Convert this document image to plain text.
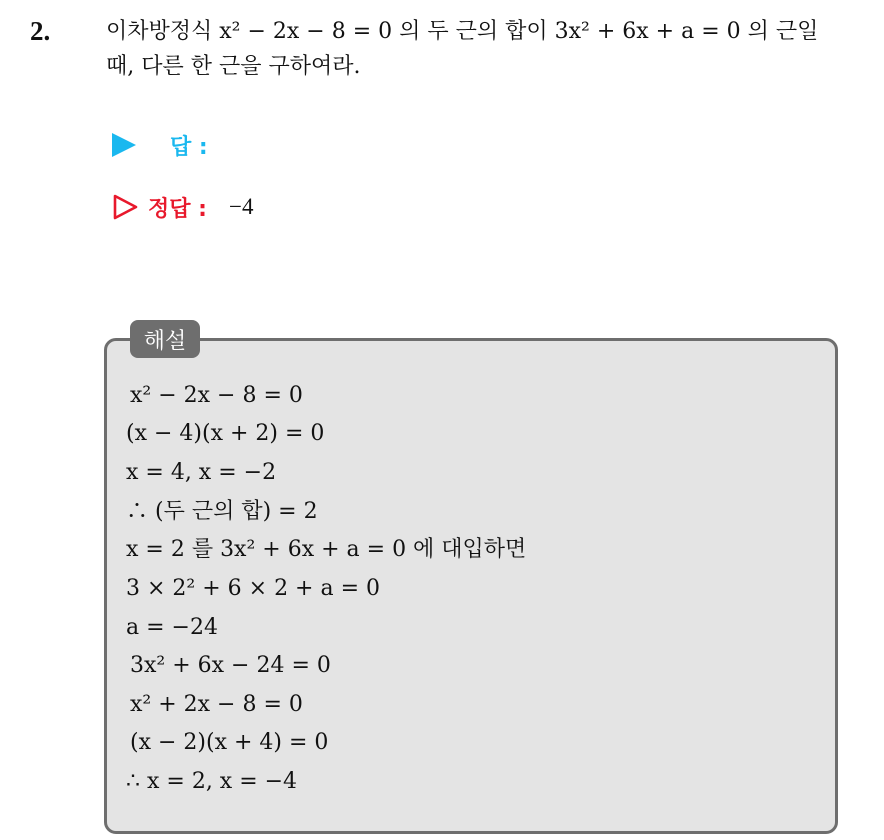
2.	이차방정식 x² − 2x − 8 = 0 의 두 근의 합이 3x² + 6x + a = 0 의 근일
때, 다른 한 근을 구하여라.
답 :
정답 : −4
해설
x² − 2x − 8 = 0
(x − 4)(x + 2) = 0
x = 4, x = −2
∴ (두 근의 합) = 2
x = 2 를 3x² + 6x + a = 0 에 대입하면
3 × 2² + 6 × 2 + a = 0
a = −24
3x² + 6x − 24 = 0
x² + 2x − 8 = 0
(x − 2)(x + 4) = 0
∴ x = 2, x = −4
